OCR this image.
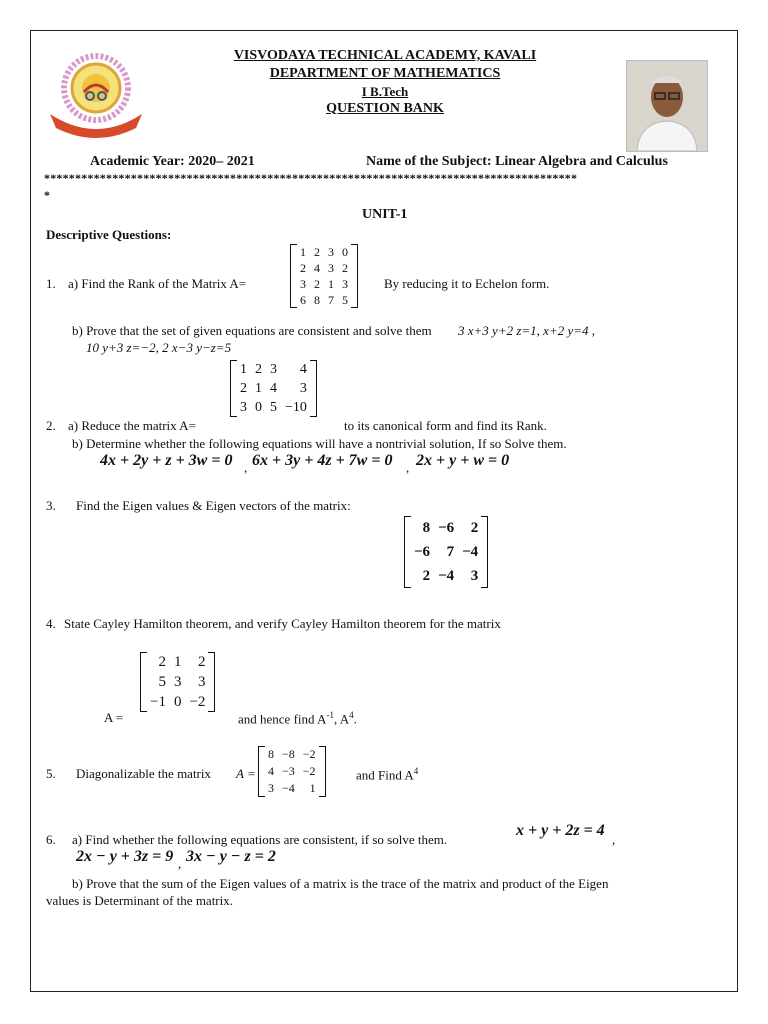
VISVODAYA TECHNICAL ACADEMY, KAVALI
DEPARTMENT OF MATHEMATICS
I B.Tech
QUESTION BANK
Academic Year: 2020– 2021	Name of the Subject: Linear Algebra and Calculus
**************************************************************************************
*
UNIT-1
Descriptive Questions:
1. a) Find the Rank of the Matrix A=
1	2	3	0
2	4	3	2
3	2	1	3
6	8	7	5
By reducing it to Echelon form.
b) Prove that the set of given equations are consistent and solve them 3 x+3 y+2 z=1, x+2 y=4 ,
10 y+3 z=−2, 2 x−3 y−z=5
1	2	3	4
2	1	4	3
3	0	5	−10
2. a) Reduce the matrix A=	to its canonical form and find its Rank.
b) Determine whether the following equations will have a nontrivial solution, If so Solve them.
4x + 2y + z + 3w = 0 , 6x + 3y + 4z + 7w = 0 , 2x + y + w = 0
3. Find the Eigen values & Eigen vectors of the matrix:
8	−6	2
−6	7	−4
2	−4	3
4. State Cayley Hamilton theorem, and verify Cayley Hamilton theorem for the matrix
2	1	2
5	3	3
−1	0	−2
A =	and hence find $A^{-1}$, $A^4$.
5. Diagonalizable the matrix A =
8	−8	−2
4	−3	−2
3	−4	1
and Find $A^4$
6. a) Find whether the following equations are consistent, if so solve them.
x + y + 2z = 4
,
2x − y + 3z = 9 , 3x − y − z = 2
b) Prove that the sum of the Eigen values of a matrix is the trace of the matrix and product of the Eigen
values is Determinant of the matrix.
